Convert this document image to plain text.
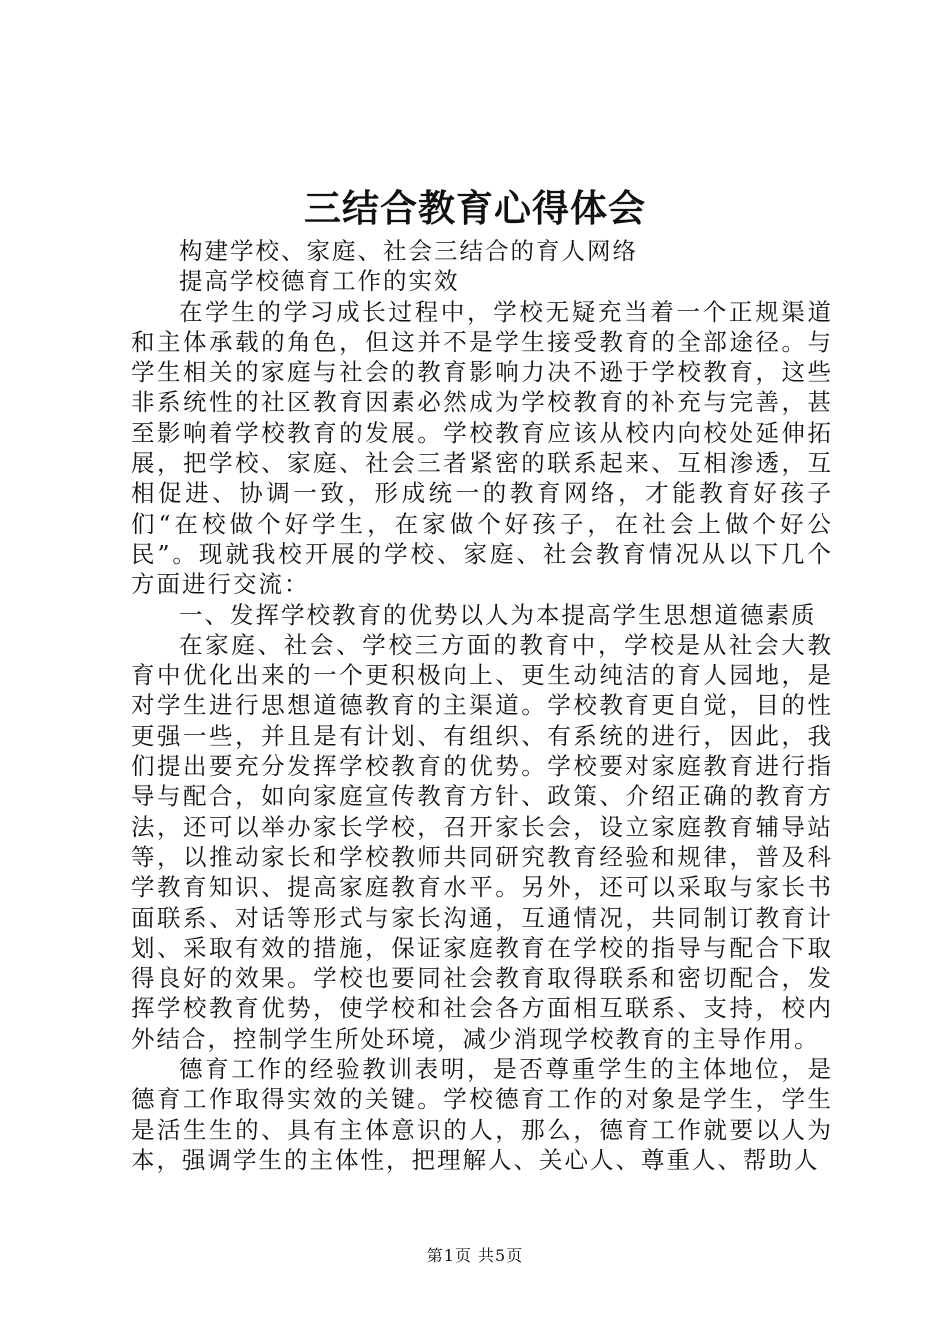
三结合教育心得体会

构建学校、家庭、社会三结合的育人网络

提高学校德育工作的实效

在学生的学习成长过程中，学校无疑充当着一个正规渠道和主体承载的角色，但这并不是学生接受教育的全部途径。与学生相关的家庭与社会的教育影响力决不逊于学校教育，这些非系统性的社区教育因素必然成为学校教育的补充与完善，甚至影响着学校教育的发展。学校教育应该从校内向校处延伸拓展，把学校、家庭、社会三者紧密的联系起来、互相渗透，互相促进、协调一致，形成统一的教育网络，才能教育好孩子们“在校做个好学生，在家做个好孩子，在社会上做个好公民”。现就我校开展的学校、家庭、社会教育情况从以下几个方面进行交流：

一、发挥学校教育的优势以人为本提高学生思想道德素质

在家庭、社会、学校三方面的教育中，学校是从社会大教育中优化出来的一个更积极向上、更生动纯洁的育人园地，是对学生进行思想道德教育的主渠道。学校教育更自觉，目的性更强一些，并且是有计划、有组织、有系统的进行，因此，我们提出要充分发挥学校教育的优势。学校要对家庭教育进行指导与配合，如向家庭宣传教育方针、政策、介绍正确的教育方法，还可以举办家长学校，召开家长会，设立家庭教育辅导站等，以推动家长和学校教师共同研究教育经验和规律，普及科学教育知识、提高家庭教育水平。另外，还可以采取与家长书面联系、对话等形式与家长沟通，互通情况，共同制订教育计划、采取有效的措施，保证家庭教育在学校的指导与配合下取得良好的效果。学校也要同社会教育取得联系和密切配合，发挥学校教育优势，使学校和社会各方面相互联系、支持，校内外结合，控制学生所处环境，减少消现学校教育的主导作用。

德育工作的经验教训表明，是否尊重学生的主体地位，是德育工作取得实效的关键。学校德育工作的对象是学生，学生是活生生的、具有主体意识的人，那么，德育工作就要以人为本，强调学生的主体性，把理解人、关心人、尊重人、帮助人

第1页 共5页
